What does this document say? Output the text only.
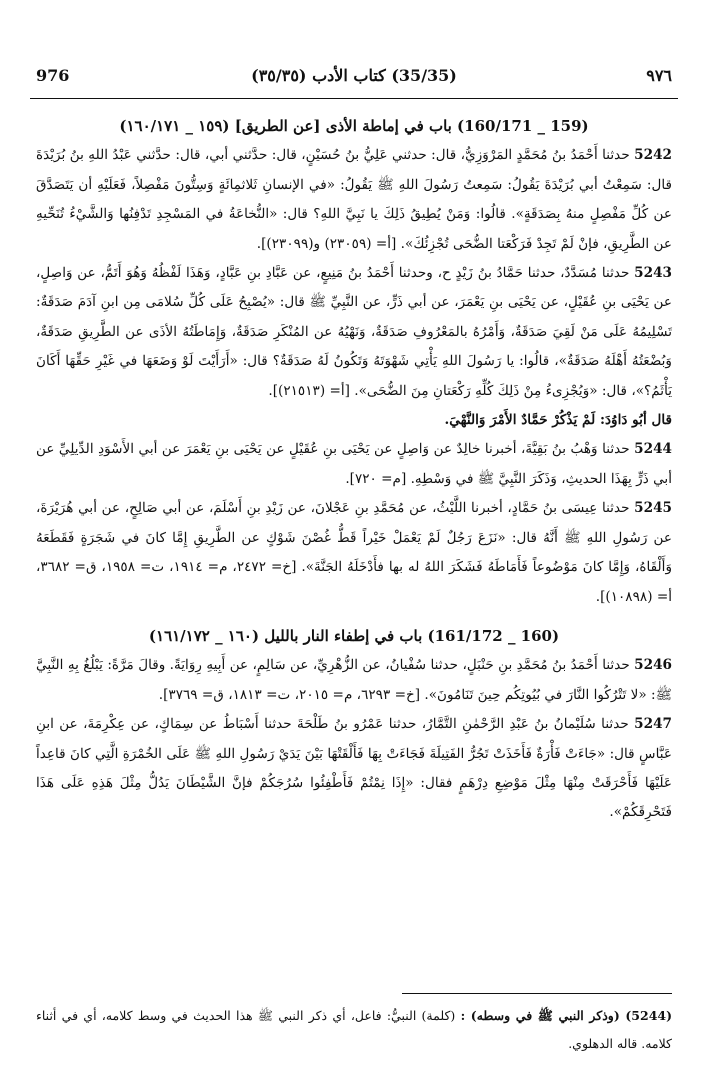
976	(35/35) كتاب الأدب (٣٥/٣٥)	٩٧٦

(159 _ 160/171) باب في إماطة الأذى [عن الطريق] (١٥٩ _ ١٦٠/١٧١)

5242 حدثنا أَحْمَدُ بنُ مُحَمَّدٍ المَرْوَزِيُّ، قال: حدثني عَلِيُّ بنُ حُسَيْنٍ، قال: حدَّثني أبي، قال: حدَّثني عَبْدُ اللهِ بنُ بُرَيْدَةَ قال: سَمِعْتُ أبي بُرَيْدَةَ يَقُولُ: سَمِعتُ رَسُولَ اللهِ ﷺ يَقُولُ: «في الإنسانِ ثَلاثمِائَةٍ وَسِتُّونَ مَفْصِلاً، فَعَلَيْهِ أن يَتَصَدَّقَ عن كُلِّ مَفْصِلٍ منهُ بِصَدَقَةٍ». قالُوا: وَمَنْ يُطِيقُ ذَلِكَ يا نَبِيَّ اللهِ؟ قال: «النُّخاعَةُ في المَسْجِدِ تَدْفِنُها وَالشَّيْءُ تُنَحِّيهِ عن الطَّرِيقِ، فإنْ لَمْ تَجِدْ فَرَكْعَتا الضُّحَى تُجْزِئُكَ». [أ= (٢٣٠٥٩) و(٢٣٠٩٩)].

5243 حدثنا مُسَدَّدٌ، حدثنا حَمَّادُ بنُ زَيْدٍ ح، وحدثنا أَحْمَدُ بنُ مَنِيعٍ، عن عَبَّادِ بنِ عَبَّادٍ، وَهَذَا لَفْظُهُ وَهُوَ أَتَمُّ، عن وَاصِلٍ، عن يَحْيَى بنِ عُقَيْلٍ، عن يَحْيَى بنِ يَعْمَرَ، عن أبي ذَرٍّ، عن النَّبِيِّ ﷺ قال: «يُصْبِحُ عَلَى كُلِّ سُلامَى مِن ابنِ آدَمَ صَدَقَةٌ: تَسْلِيمُهُ عَلَى مَنْ لَقِيَ صَدَقَةٌ، وَأَمْرُهُ بالمَعْرُوفِ صَدَقَةٌ، وَنَهْيُهُ عن المُنْكَرِ صَدَقَةٌ، وَإِمَاطَتُهُ الأذَى عن الطَّرِيقِ صَدَقَةٌ، وَبُضْعَتُهُ أَهْلَهُ صَدَقَةٌ»، قالُوا: يا رَسُولَ اللهِ يَأْتِي شَهْوَتَهُ وَتَكُونُ لَهُ صَدَقَةٌ؟ قال: «أَرَأَيْتَ لَوْ وَضَعَهَا في غَيْرِ حَقِّهَا أَكَانَ يَأْثَمُ؟»، قال: «وَيُجْزِىءُ مِنْ ذَلِكَ كُلِّهِ رَكْعَتانِ مِنَ الضُّحَى». [أ= (٢١٥١٣)].

قال أبُو دَاوُدَ: لَمْ يَذْكُرْ حَمَّادٌ الأَمْرَ وَالنَّهْيَ.

5244 حدثنا وَهْبُ بنُ بَقِيَّةَ، أخبرنا خالِدٌ عن وَاصِلٍ عن يَحْيَى بنِ عُقَيْلٍ عن يَحْيَى بنِ يَعْمَرَ عن أبي الأَسْوَدِ الدِّيلِيِّ عن أبي ذَرٍّ بِهَذَا الحديثِ، وَذَكَرَ النَّبِيَّ ﷺ في وَسْطِهِ. [م= ٧٢٠].

5245 حدثنا عِيسَى بنُ حَمَّادٍ، أخبرنا اللَّيْثُ، عن مُحَمَّدِ بنِ عَجْلانَ، عن زَيْدِ بنِ أَسْلَمَ، عن أبي صَالِحٍ، عن أبي هُرَيْرَةَ، عن رَسُولِ اللهِ ﷺ أَنَّهُ قال: «نَزَعَ رَجُلٌ لَمْ يَعْمَلْ خَيْراً قَطُّ غُصْنَ شَوْكٍ عن الطَّرِيقِ إِمَّا كانَ في شَجَرَةٍ فَقَطَعَهُ وَأَلْقَاهُ، وَإِمَّا كانَ مَوْضُوعاً فَأَمَاطَهُ فَشَكَرَ اللهُ له بها فأَدْخَلَهُ الجَنَّةَ». [خ= ٢٤٧٢، م= ١٩١٤، ت= ١٩٥٨، ق= ٣٦٨٢، أ= (١٠٨٩٨)].

(160 _ 161/172) باب في إطفاء النار بالليل (١٦٠ _ ١٦١/١٧٢)

5246 حدثنا أَحْمَدُ بنُ مُحَمَّدِ بنِ حَنْبَلٍ، حدثنا سُفْيانُ، عن الزُّهْرِيِّ، عن سَالِمٍ، عن أَبِيهِ رِوَايَةً. وقالَ مَرَّةً: يَبْلُغُ بِهِ النَّبِيَّ ﷺ: «لا تَتْرُكُوا النَّارَ في بُيُوتِكُم حِينَ تَنَامُونَ». [خ= ٦٢٩٣، م= ٢٠١٥، ت= ١٨١٣، ق= ٣٧٦٩].

5247 حدثنا سُلَيْمانُ بنُ عَبْدِ الرَّحْمٰنِ التَّمَّارُ، حدثنا عَمْرُو بنُ طَلْحَةَ حدثنا أَسْبَاطُ عن سِمَاكٍ، عن عِكْرِمَةَ، عن ابنِ عَبَّاسٍ قال: «جَاءَتْ فَأْرَةٌ فَأَخَذَتْ تَجُرُّ الفَتِيلَةَ فَجَاءَتْ بِهَا فَأَلْقَتْهَا بَيْنَ يَدَيْ رَسُولِ اللهِ ﷺ عَلَى الخُمْرَةِ الَّتِي كانَ قاعِداً عَلَيْهَا فَأَحْرَقَتْ مِنْهَا مِثْلَ مَوْضِعِ دِرْهَمٍ فقال: «إِذَا نِمْتُمْ فَأَطْفِئُوا سُرُجَكُمْ فإنَّ الشَّيْطَانَ يَدُلُّ مِثْلَ هَذِهِ عَلَى هَذَا فَتَحْرِقَكُمْ».

(5244) (وذكر النبي ﷺ في وسطه) : (كلمة) النبيُّ: فاعل، أي ذكر النبي ﷺ هذا الحديث في وسط كلامه، أي في أثناء كلامه. قاله الدهلوي.
